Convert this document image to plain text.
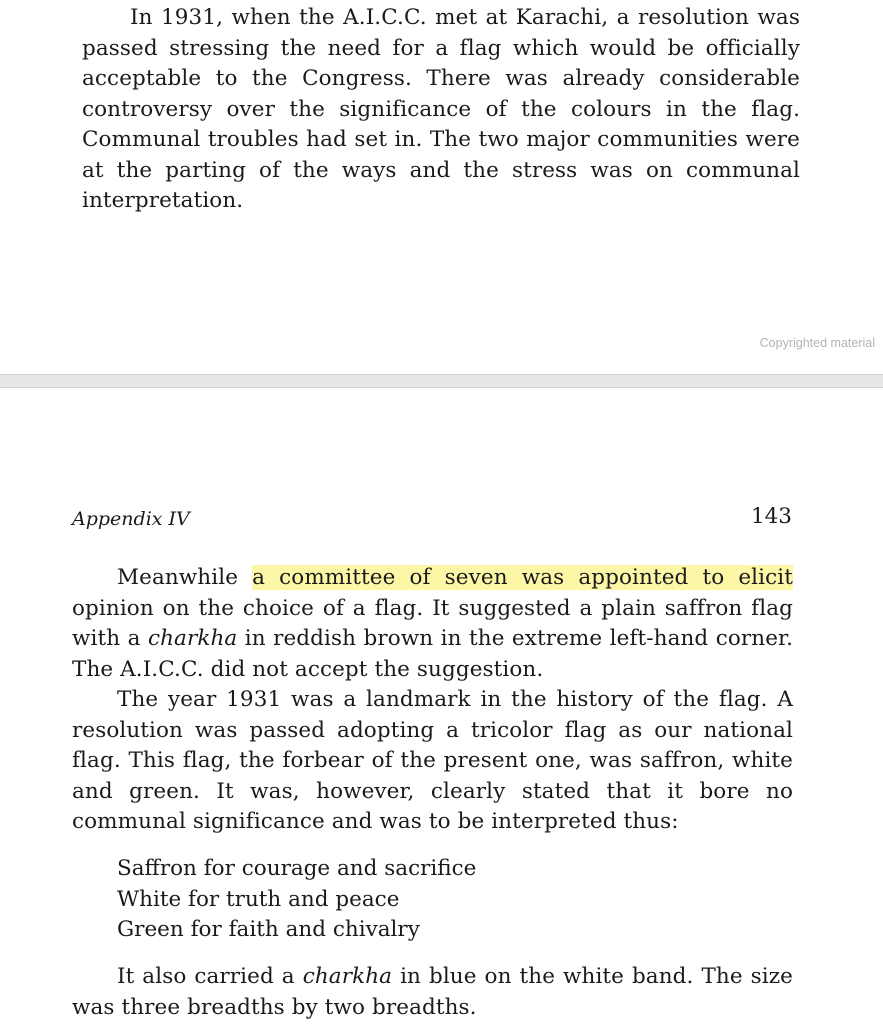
In 1931, when the A.I.C.C. met at Karachi, a resolution was passed stressing the need for a flag which would be officially acceptable to the Congress. There was already considerable controversy over the significance of the colours in the flag. Communal troubles had set in. The two major communities were at the parting of the ways and the stress was on communal interpretation.

Copyrighted material
Appendix IV	143

Meanwhile a committee of seven was appointed to elicit opinion on the choice of a flag. It suggested a plain saffron flag with a charkha in reddish brown in the extreme left-hand corner. The A.I.C.C. did not accept the suggestion.

The year 1931 was a landmark in the history of the flag. A resolution was passed adopting a tricolor flag as our national flag. This flag, the forbear of the present one, was saffron, white and green. It was, however, clearly stated that it bore no communal significance and was to be interpreted thus:

Saffron for courage and sacrifice
White for truth and peace
Green for faith and chivalry

It also carried a charkha in blue on the white band. The size was three breadths by two breadths.
